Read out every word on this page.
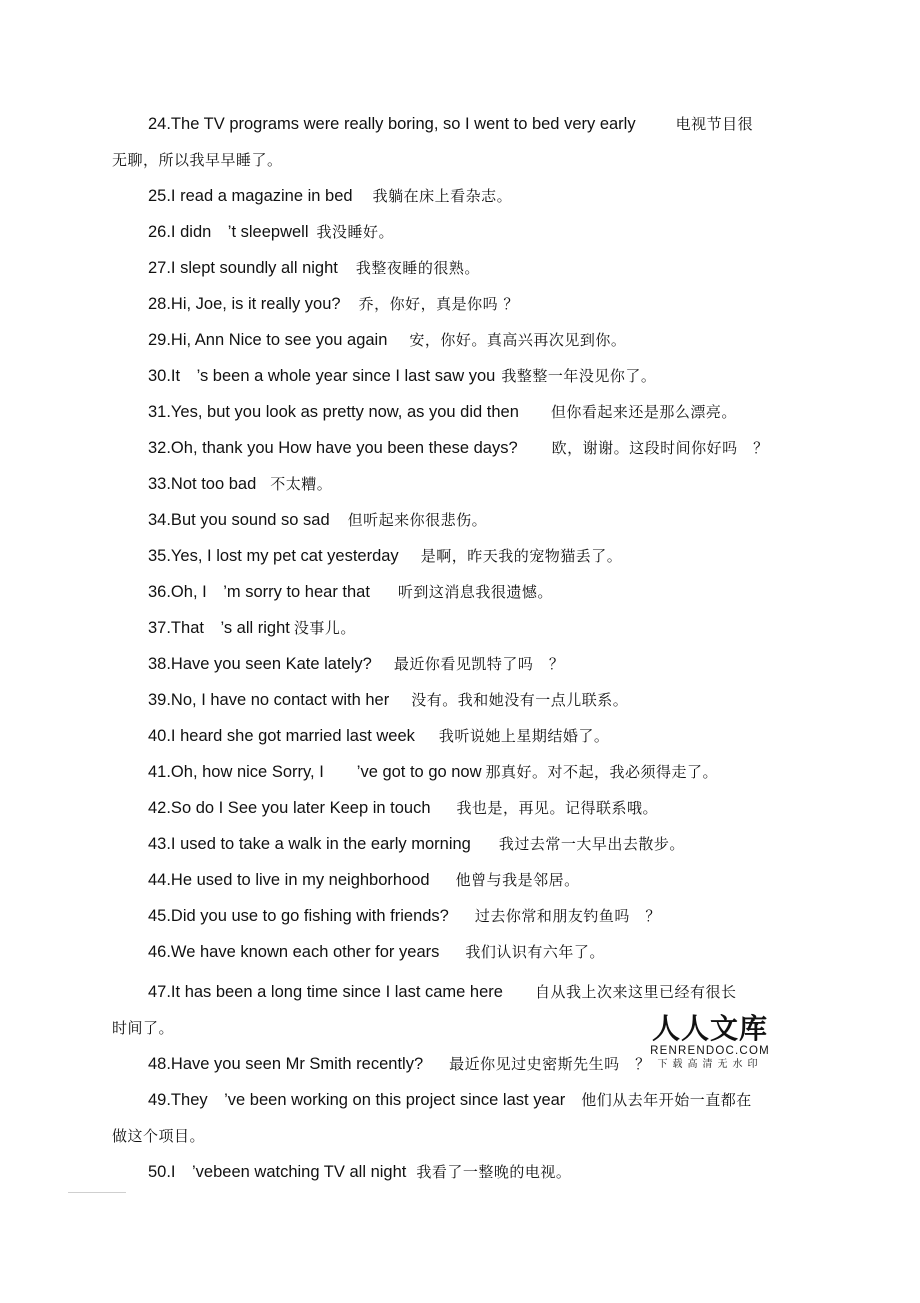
24.The TV programs were really boring, so I went to bed very early	电视节目很
无聊，所以我早早睡了。
25.I read a magazine in bed 我躺在床上看杂志。
26.I didn　’t sleepwell 我没睡好。
27.I slept soundly all night 我整夜睡的很熟。
28.Hi, Joe, is it really you? 乔，你好，真是你吗 ？
29.Hi, Ann Nice to see you again 安，你好。真高兴再次见到你。
30.It　’s been a whole year since I last saw you 我整整一年没见你了。
31.Yes, but you look as pretty now, as you did then 但你看起来还是那么漂亮。
32.Oh, thank you How have you been these days? 欧，谢谢。这段时间你好吗　？
33.Not too bad 不太糟。
34.But you sound so sad 但听起来你很悲伤。
35.Yes, I lost my pet cat yesterday 是啊，昨天我的宠物猫丢了。
36.Oh, I　’m sorry to hear that 听到这消息我很遗憾。
37.That　’s all right 没事儿。
38.Have you seen Kate lately? 最近你看见凯特了吗　？
39.No, I have no contact with her 没有。我和她没有一点儿联系。
40.I heard she got married last week 我听说她上星期结婚了。
41.Oh, how nice Sorry, I　　’ve got to go now 那真好。对不起，我必须得走了。
42.So do I See you later Keep in touch 我也是，再见。记得联系哦。
43.I used to take a walk in the early morning 我过去常一大早出去散步。
44.He used to live in my neighborhood 他曾与我是邻居。
45.Did you use to go fishing with friends? 过去你常和朋友钓鱼吗　？
46.We have known each other for years 我们认识有六年了。
47.It has been a long time since I last came here 自从我上次来这里已经有很长
时间了。
48.Have you seen Mr Smith recently? 最近你见过史密斯先生吗　？
49.They　’ve been working on this project since last year 他们从去年开始一直都在
做这个项目。
50.I　’vebeen watching TV all night 我看了一整晚的电视。
人人文库
RENRENDOC.COM
下载高清无水印
